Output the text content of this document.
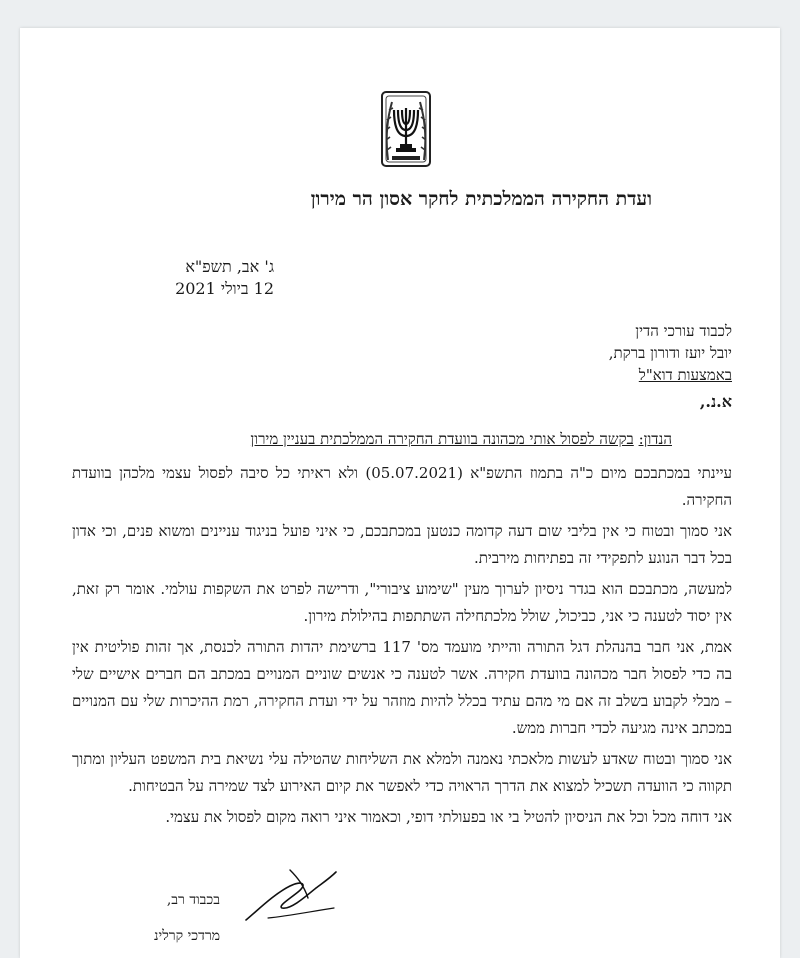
ועדת החקירה הממלכתית לחקר אסון הר מירון
ג' אב, תשפ"א
12 ביולי 2021
לכבוד עורכי הדין
יובל יועז ודורון ברקת,
באמצעות דוא"ל
א.נ.,
הנדון: בקשה לפסול אותי מכהונה בוועדת החקירה הממלכתית בעניין מירון

עיינתי במכתבכם מיום כ"ה בתמוז התשפ"א (05.07.2021) ולא ראיתי כל סיבה לפסול עצמי מלכהן בוועדת החקירה.

אני סמוך ובטוח כי אין בליבי שום דעה קדומה כנטען במכתבכם, כי איני פועל בניגוד עניינים ומשוא פנים, וכי אדון בכל דבר הנוגע לתפקידי זה בפתיחות מירבית.

למעשה, מכתבכם הוא בגדר ניסיון לערוך מעין "שימוע ציבורי", ודרישה לפרט את השקפות עולמי. אומר רק זאת, אין יסוד לטענה כי אני, כביכול, שולל מלכתחילה השתתפות בהילולת מירון.

אמת, אני חבר בהנהלת דגל התורה והייתי מועמד מס' 117 ברשימת יהדות התורה לכנסת, אך זהות פוליטית אין בה כדי לפסול חבר מכהונה בוועדת חקירה. אשר לטענה כי אנשים שוניים המנויים במכתב הם חברים אישיים שלי – מבלי לקבוע בשלב זה אם מי מהם עתיד בכלל להיות מוזהר על ידי ועדת החקירה, רמת ההיכרות שלי עם המנויים במכתב אינה מגיעה לכדי חברות ממש.

אני סמוך ובטוח שאדע לעשות מלאכתי נאמנה ולמלא את השליחות שהטילה עלי נשיאת בית המשפט העליון ומתוך תקווה כי הוועדה תשכיל למצוא את הדרך הראויה כדי לאפשר את קיום האירוע לצד שמירה על הבטיחות.

אני דוחה מכל וכל את הניסיון להטיל בי או בפעולתי דופי, וכאמור איני רואה מקום לפסול את עצמי.

בכבוד רב,
מרדכי קרלינ
